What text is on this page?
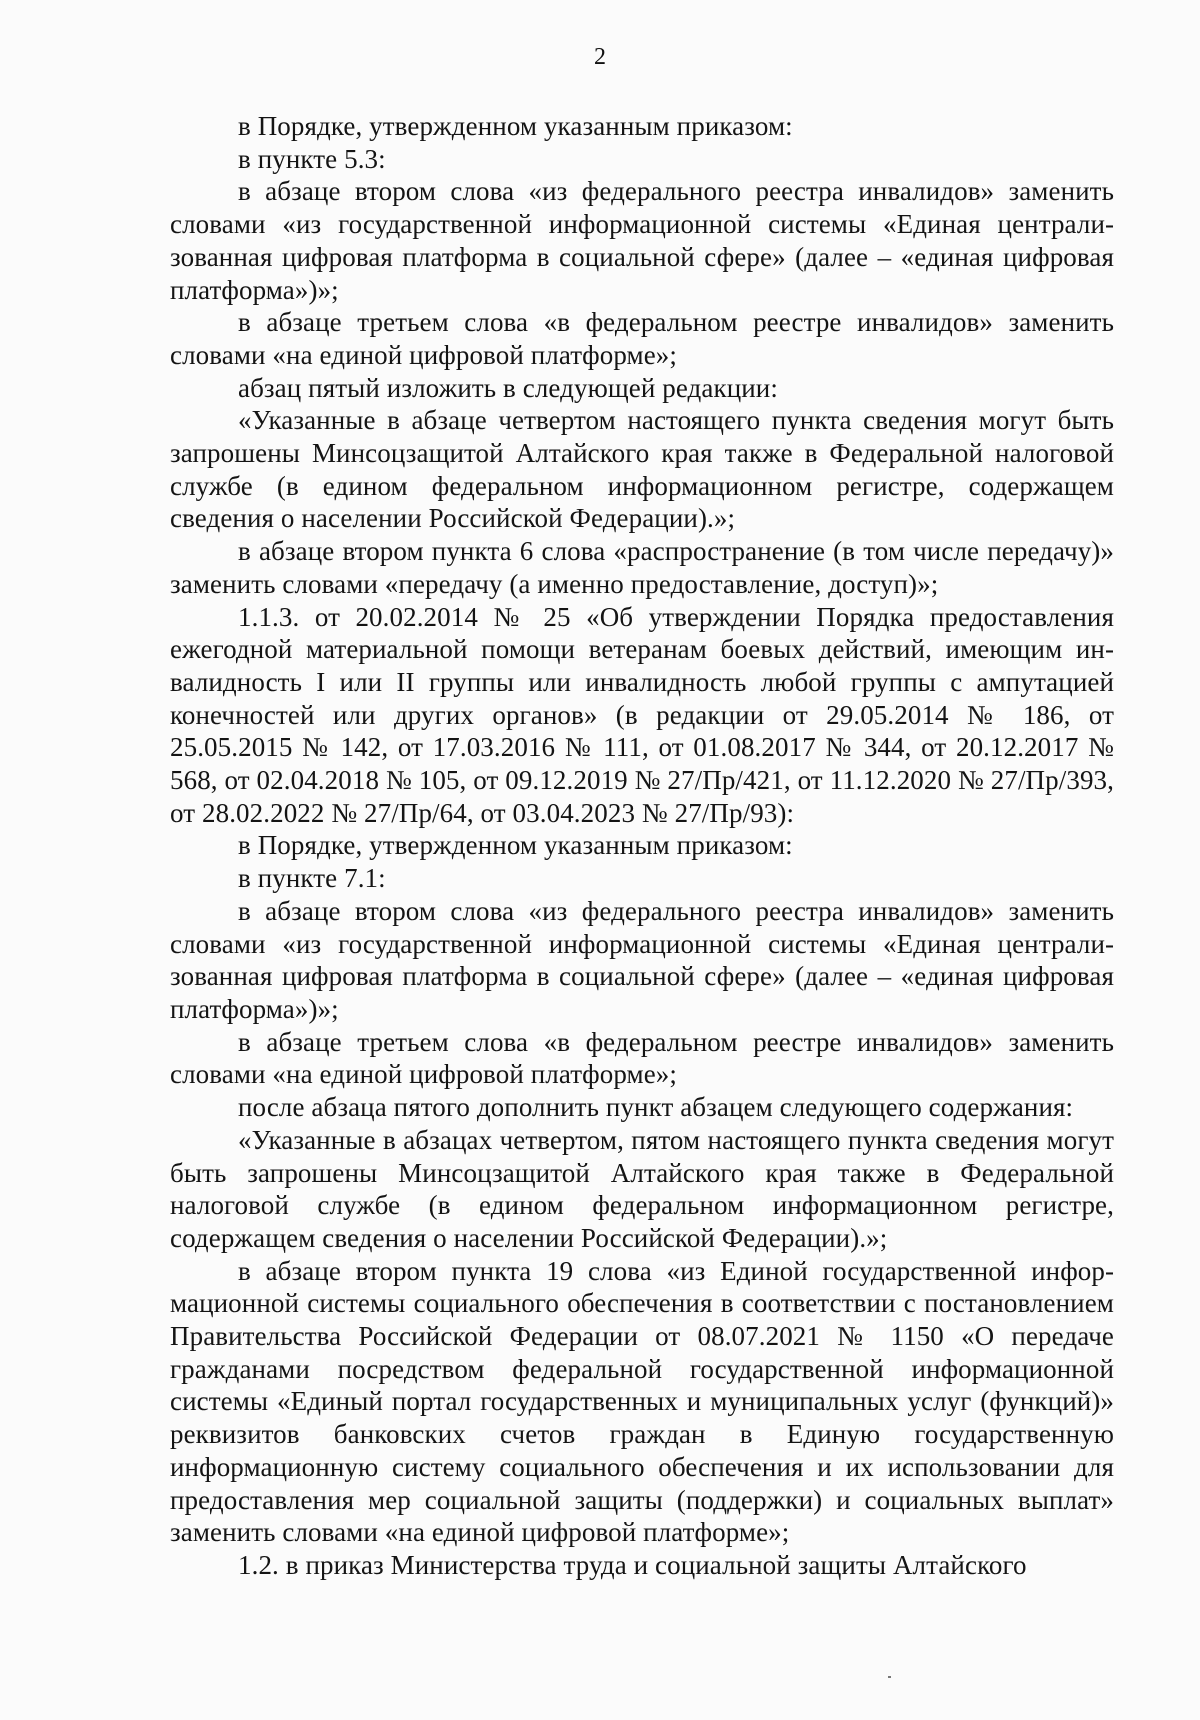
2

в Порядке, утвержденном указанным приказом:

в пункте 5.3:

в абзаце втором слова «из федерального реестра инвалидов» заменить словами «из государственной информационной системы «Единая централизованная цифровая платформа в социальной сфере» (далее – «единая цифровая платформа»)»;

в абзаце третьем слова «в федеральном реестре инвалидов» заменить словами «на единой цифровой платформе»;

абзац пятый изложить в следующей редакции:

«Указанные в абзаце четвертом настоящего пункта сведения могут быть запрошены Минсоцзащитой Алтайского края также в Федеральной налоговой службе (в едином федеральном информационном регистре, содержащем сведения о населении Российской Федерации).»;

в абзаце втором пункта 6 слова «распространение (в том числе передачу)» заменить словами «передачу (а именно предоставление, доступ)»;

1.1.3. от 20.02.2014 № 25 «Об утверждении Порядка предоставления ежегодной материальной помощи ветеранам боевых действий, имеющим инвалидность I или II группы или инвалидность любой группы с ампутацией конечностей или других органов» (в редакции от 29.05.2014 № 186, от 25.05.2015 № 142, от 17.03.2016 № 111, от 01.08.2017 № 344, от 20.12.2017 № 568, от 02.04.2018 № 105, от 09.12.2019 № 27/Пр/421, от 11.12.2020 № 27/Пр/393, от 28.02.2022 № 27/Пр/64, от 03.04.2023 № 27/Пр/93):

в Порядке, утвержденном указанным приказом:

в пункте 7.1:

в абзаце втором слова «из федерального реестра инвалидов» заменить словами «из государственной информационной системы «Единая централизованная цифровая платформа в социальной сфере» (далее – «единая цифровая платформа»)»;

в абзаце третьем слова «в федеральном реестре инвалидов» заменить словами «на единой цифровой платформе»;

после абзаца пятого дополнить пункт абзацем следующего содержания:

«Указанные в абзацах четвертом, пятом настоящего пункта сведения могут быть запрошены Минсоцзащитой Алтайского края также в Федеральной налоговой службе (в едином федеральном информационном регистре, содержащем сведения о населении Российской Федерации).»;

в абзаце втором пункта 19 слова «из Единой государственной информационной системы социального обеспечения в соответствии с постановлением Правительства Российской Федерации от 08.07.2021 № 1150 «О передаче гражданами посредством федеральной государственной информационной системы «Единый портал государственных и муниципальных услуг (функций)» реквизитов банковских счетов граждан в Единую государственную информационную систему социального обеспечения и их использовании для предоставления мер социальной защиты (поддержки) и социальных выплат» заменить словами «на единой цифровой платформе»;

1.2. в приказ Министерства труда и социальной защиты Алтайского
